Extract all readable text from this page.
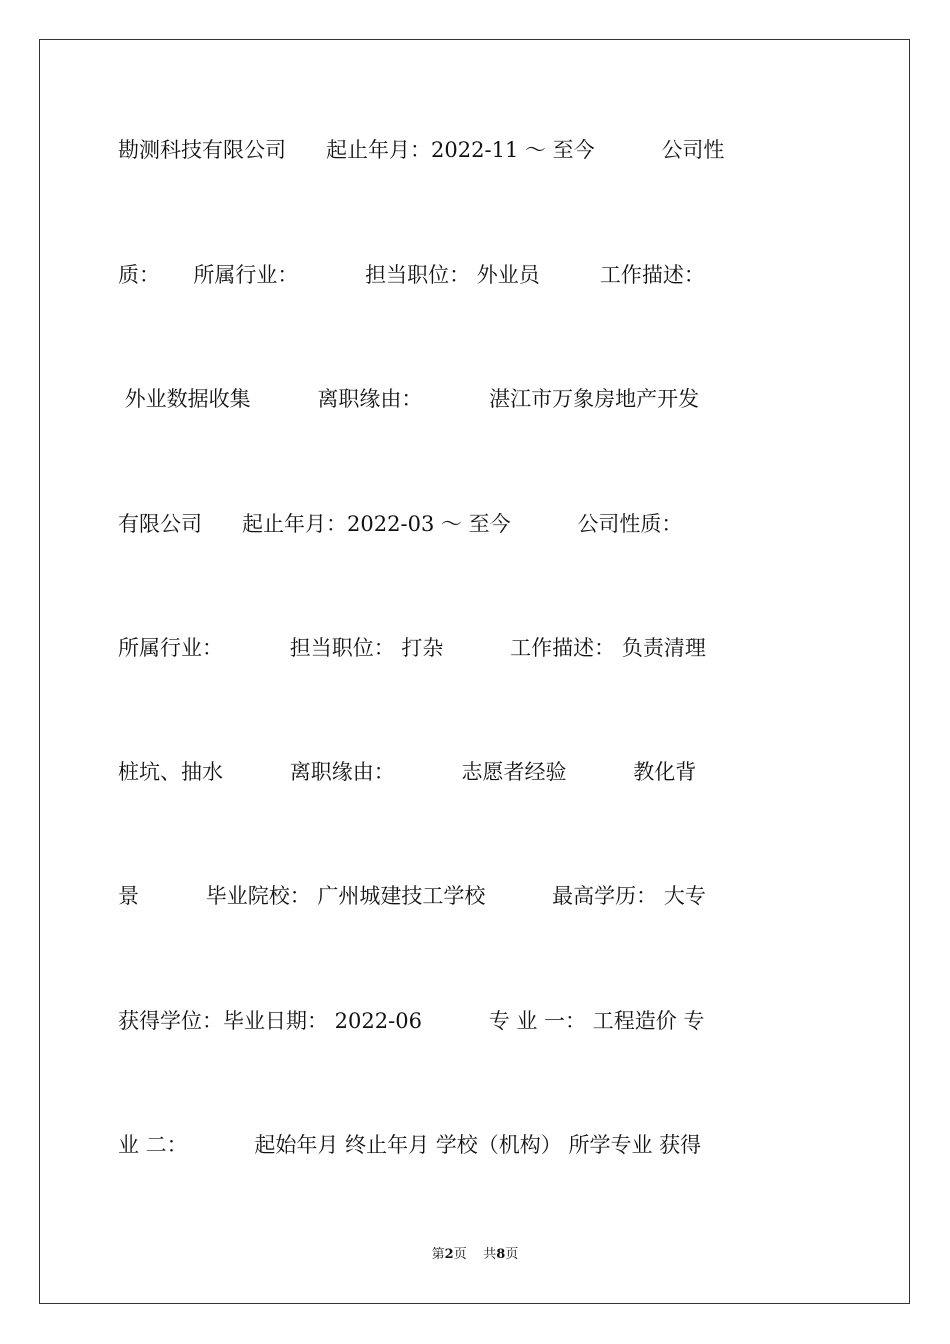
勘测科技有限公司      起止年月：2022-11 ～ 至今          公司性
质：     所属行业：          担当职位： 外业员         工作描述：
外业数据收集          离职缘由：          湛江市万象房地产开发
有限公司      起止年月：2022-03 ～ 至今          公司性质：
所属行业：          担当职位： 打杂          工作描述： 负责清理
桩坑、抽水          离职缘由：          志愿者经验          教化背
景          毕业院校： 广州城建技工学校          最高学历： 大专
获得学位：毕业日期： 2022-06          专 业 一： 工程造价 专
业 二：          起始年月 终止年月 学校（机构） 所学专业 获得
第2页 共8页
